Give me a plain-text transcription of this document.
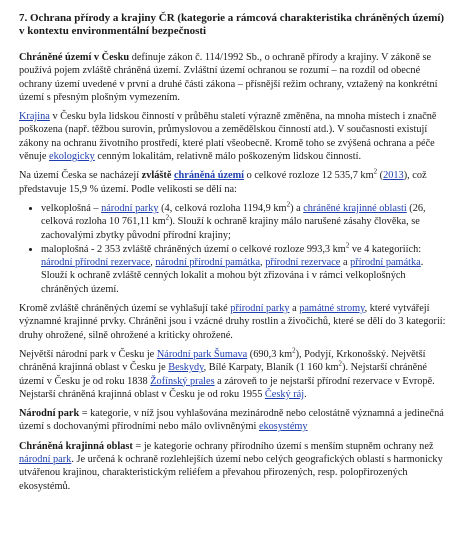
7. Ochrana přírody a krajiny ČR (kategorie a rámcová charakteristika chráněných území)
v kontextu environmentální bezpečnosti

Chráněné území v Česku definuje zákon č. 114/1992 Sb., o ochraně přírody a krajiny. V zákoně se používá pojem zvláště chráněná území. Zvláštní území ochranou se rozumí – na rozdíl od obecné ochrany území uvedené v první a druhé části zákona – přísnější režim ochrany, vztažený na konkrétní území s přesným plošným vymezením.

Krajina v Česku byla lidskou činností v průběhu staletí výrazně změněna, na mnoha místech i značně poškozena (např. těžbou surovin, průmyslovou a zemědělskou činností atd.). V současnosti existují zákony na ochranu životního prostředí, které platí všeobecně. Kromě toho se zvýšená ochrana a péče věnuje ekologicky cenným lokalitám, relativně málo poškozeným lidskou činností.

Na území Česka se nacházejí zvláště chráněná území o celkové rozloze 12 535,7 $km^2$ (2013), což představuje 15,9 % území. Podle velikosti se dělí na:

• velkoplošná – národní parky (4, celková rozloha 1194,9 $km^2$) a chráněné krajinné oblasti (26, celková rozloha 10 761,11 $km^2$). Slouží k ochraně krajiny málo narušené zásahy člověka, se zachovalými zbytky původní přírodní krajiny;
• maloplošná - 2 353 zvláště chráněných území o celkové rozloze 993,3 $km^2$ ve 4 kategoriích: národní přírodní rezervace, národní přírodní památka, přírodní rezervace a přírodní památka. Slouží k ochraně zvláště cenných lokalit a mohou být zřizována i v rámci velkoplošných chráněných území.

Kromě zvláště chráněných území se vyhlašují také přírodní parky a památné stromy, které vytvářejí významné krajinné prvky. Chráněni jsou i vzácné druhy rostlin a živočichů, které se dělí do 3 kategorií: druhy ohrožené, silně ohrožené a kriticky ohrožené.

Největší národní park v Česku je Národní park Šumava (690,3 $km^2$), Podyjí, Krkonošský. Největší chráněná krajinná oblast v Česku je Beskydy, Bílé Karpaty, Blaník (1 160 $km^2$). Nejstarší chráněné území v Česku je od roku 1838 Žofínský prales a zároveň to je nejstarší přírodní rezervace v Evropě. Nejstarší chráněná krajinná oblast v Česku je od roku 1955 Český ráj.

Národní park = kategorie, v níž jsou vyhlašována mezinárodně nebo celostátně významná a jedinečná území s dochovanými přírodními nebo málo ovlivněnými ekosystémy

Chráněná krajinná oblast = je kategorie ochrany přírodního území s menším stupněm ochrany než národní park. Je určená k ochraně rozlehlejších území nebo celých geografických oblastí s harmonicky utvářenou krajinou, charakteristickým reliéfem a převahou přirozených, resp. polopřirozených ekosystémů.
